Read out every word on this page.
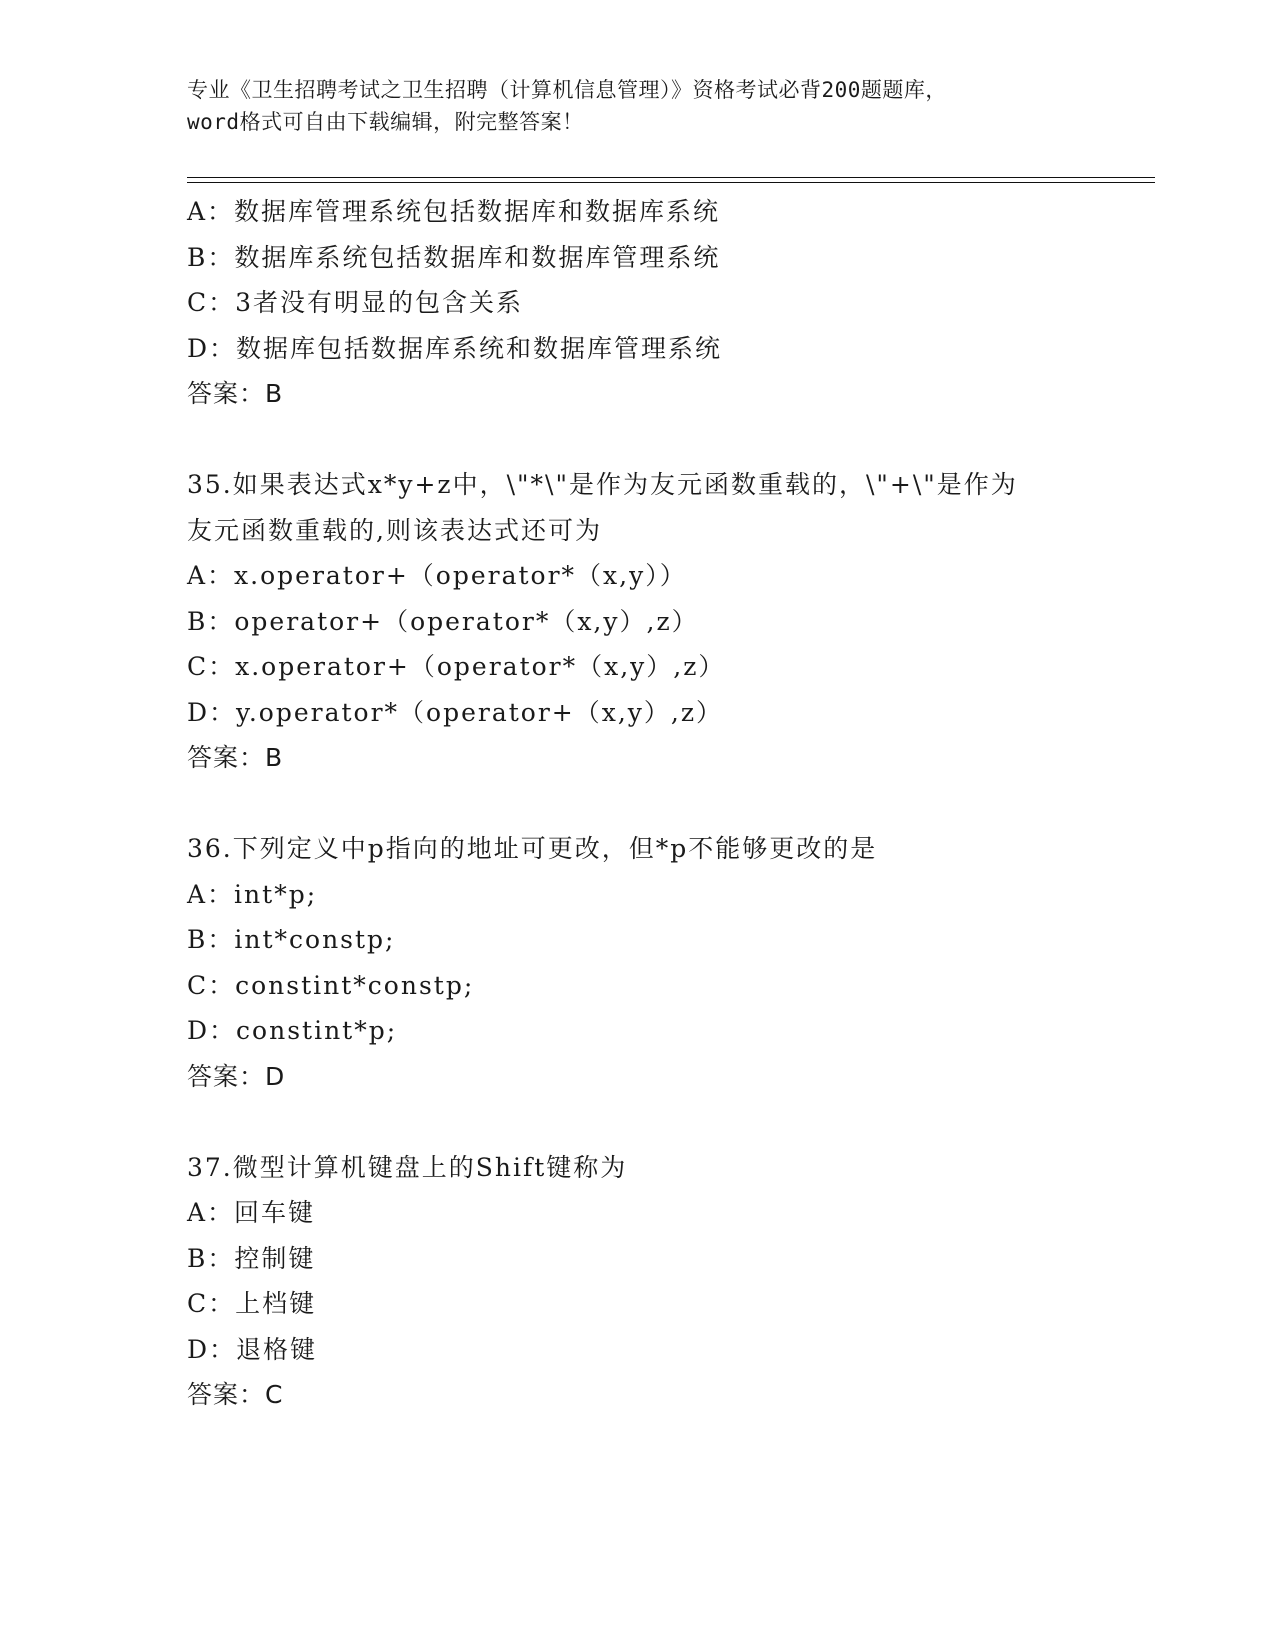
专业《卫生招聘考试之卫生招聘（计算机信息管理）》资格考试必背200题题库，
word格式可自由下载编辑，附完整答案！
A：数据库管理系统包括数据库和数据库系统
B：数据库系统包括数据库和数据库管理系统
C：3者没有明显的包含关系
D：数据库包括数据库系统和数据库管理系统
答案：B
35.如果表达式x*y+z中，\"*\"是作为友元函数重载的，\"+\"是作为
友元函数重载的,则该表达式还可为
A：x.operator+（operator*（x,y））
B：operator+（operator*（x,y）,z）
C：x.operator+（operator*（x,y）,z）
D：y.operator*（operator+（x,y）,z）
答案：B
36.下列定义中p指向的地址可更改，但*p不能够更改的是
A：int*p;
B：int*constp;
C：constint*constp;
D：constint*p;
答案：D
37.微型计算机键盘上的Shift键称为
A：回车键
B：控制键
C：上档键
D：退格键
答案：C
